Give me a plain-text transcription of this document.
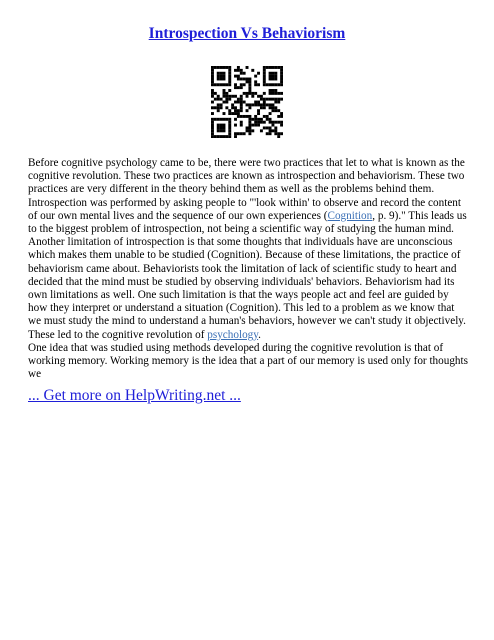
Introspection Vs Behaviorism

Before cognitive psychology came to be, there were two practices that let to what is known as the cognitive revolution. These two practices are known as introspection and behaviorism. These two practices are very different in the theory behind them as well as the problems behind them. Introspection was performed by asking people to "'look within' to observe and record the content of our own mental lives and the sequence of our own experiences (Cognition, p. 9)." This leads us to the biggest problem of introspection, not being a scientific way of studying the human mind. Another limitation of introspection is that some thoughts that individuals have are unconscious which makes them unable to be studied (Cognition). Because of these limitations, the practice of behaviorism came about. Behaviorists took the limitation of lack of scientific study to heart and decided that the mind must be studied by observing individuals' behaviors. Behaviorism had its own limitations as well. One such limitation is that the ways people act and feel are guided by how they interpret or understand a situation (Cognition). This led to a problem as we know that we must study the mind to understand a human's behaviors, however we can't study it objectively. These led to the cognitive revolution of psychology.

One idea that was studied using methods developed during the cognitive revolution is that of working memory. Working memory is the idea that a part of our memory is used only for thoughts we

... Get more on HelpWriting.net ...
